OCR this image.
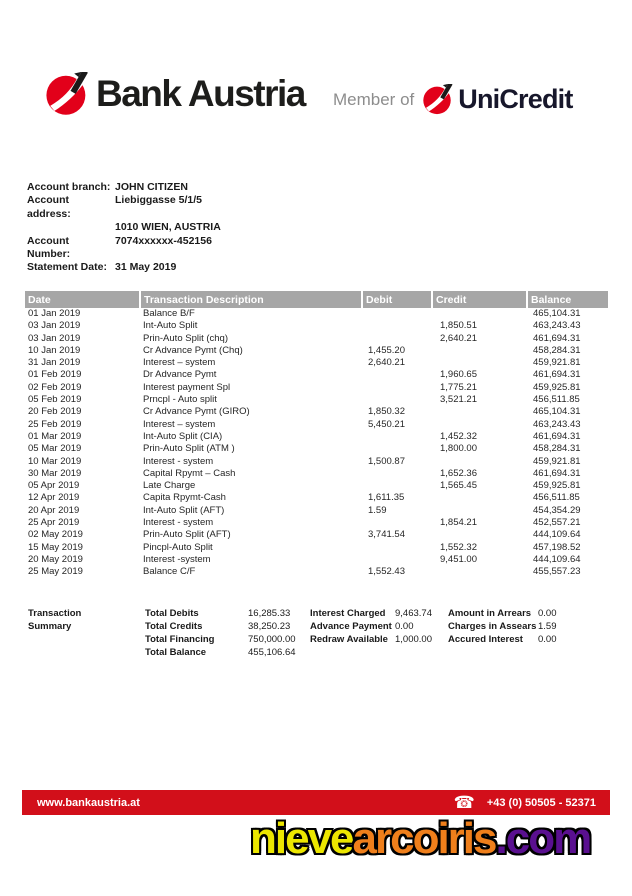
Bank Austria Member of UniCredit
Account branch: JOHN CITIZEN
Account address:
Liebiggasse 5/1/5
1010 WIEN, AUSTRIA
Account Number:
7074xxxxxx-452156
Statement Date: 31 May 2019
Date	Transaction Description	Debit	Credit	Balance
01 Jan 2019	Balance B/F			465,104.31
03 Jan 2019	Int-Auto Split		1,850.51	463,243.43
03 Jan 2019	Prin-Auto Split (chq)		2,640.21	461,694.31
10 Jan 2019	Cr Advance Pymt (Chq)	1,455.20		458,284.31
31 Jan 2019	Interest – system	2,640.21		459,921.81
01 Feb 2019	Dr Advance Pymt		1,960.65	461,694.31
02 Feb 2019	Interest payment Spl		1,775.21	459,925.81
05 Feb 2019	Prncpl - Auto split		3,521.21	456,511.85
20 Feb 2019	Cr Advance Pymt (GIRO)	1,850.32		465,104.31
25 Feb 2019	Interest – system	5,450.21		463,243.43
01 Mar 2019	Int-Auto Split (CIA)		1,452.32	461,694.31
05 Mar 2019	Prin-Auto Split (ATM )		1,800.00	458,284.31
10 Mar 2019	Interest - system	1,500.87		459,921.81
30 Mar 2019	Capital Rpymt – Cash		1,652.36	461,694.31
05 Apr 2019	Late Charge		1,565.45	459,925.81
12 Apr 2019	Capita Rpymt-Cash	1,611.35		456,511.85
20 Apr 2019	Int-Auto Split (AFT)	1.59		454,354.29
25 Apr 2019	Interest - system		1,854.21	452,557.21
02 May 2019	Prin-Auto Split (AFT)	3,741.54		444,109.64
15 May 2019	Pincpl-Auto Split		1,552.32	457,198.52
20 May 2019	Interest -system		9,451.00	444,109.64
25 May 2019	Balance C/F	1,552.43		455,557.23
Transaction	Total Debits	16,285.33	Interest Charged	9,463.74	Amount in Arrears 0.00
Summary	Total Credits	38,250.23	Advance Payment 0.00	Charges in Assears 1.59
Total Financing	750,000.00	Redraw Available 1,000.00	Accured Interest	0.00
Total Balance	455,106.64
www.bankaustria.at	☎ +43 (0) 50505 - 52371
nievearcoiris.com
